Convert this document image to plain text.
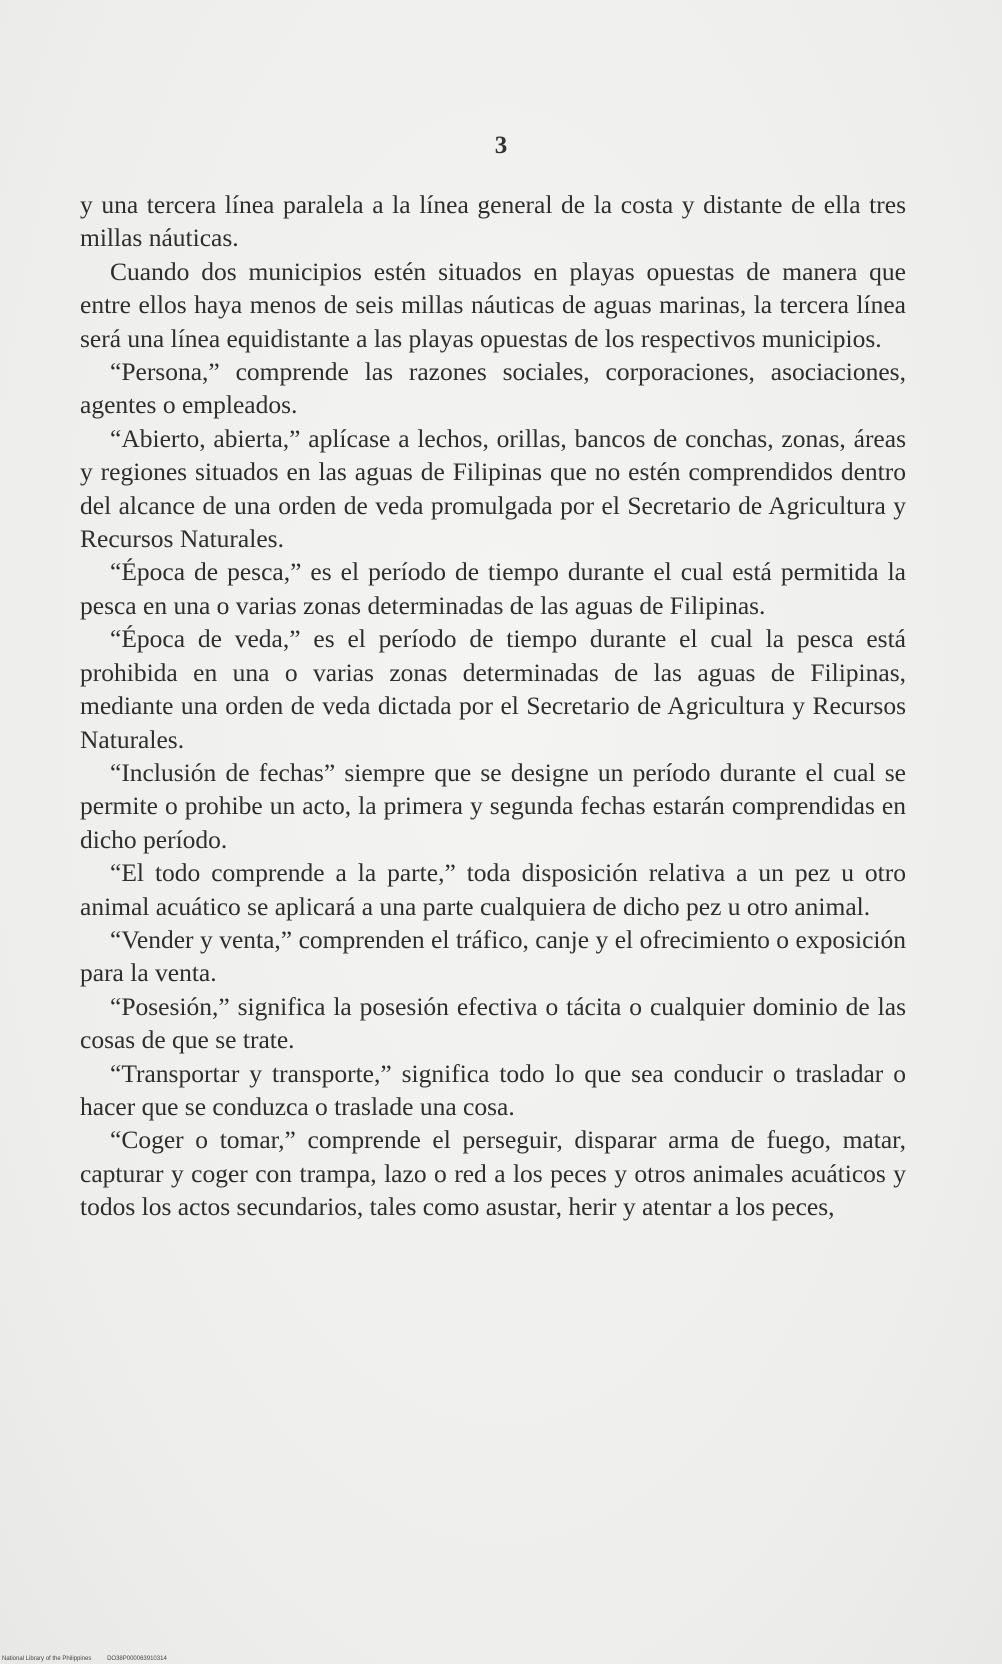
3

y una tercera línea paralela a la línea general de la costa y distante de ella tres millas náuticas.

Cuando dos municipios estén situados en playas opuestas de manera que entre ellos haya menos de seis millas náuticas de aguas marinas, la tercera línea será una línea equidistante a las playas opuestas de los respectivos municipios.

“Persona,” comprende las razones sociales, corporaciones, asociaciones, agentes o empleados.

“Abierto, abierta,” aplícase a lechos, orillas, bancos de conchas, zonas, áreas y regiones situados en las aguas de Filipinas que no estén comprendidos dentro del alcance de una orden de veda promulgada por el Secretario de Agricultura y Recursos Naturales.

“Época de pesca,” es el período de tiempo durante el cual está permitida la pesca en una o varias zonas determinadas de las aguas de Filipinas.

“Época de veda,” es el período de tiempo durante el cual la pesca está prohibida en una o varias zonas determinadas de las aguas de Filipinas, mediante una orden de veda dictada por el Secretario de Agricultura y Recursos Naturales.

“Inclusión de fechas” siempre que se designe un período durante el cual se permite o prohibe un acto, la primera y segunda fechas estarán comprendidas en dicho período.

“El todo comprende a la parte,” toda disposición relativa a un pez u otro animal acuático se aplicará a una parte cualquiera de dicho pez u otro animal.

“Vender y venta,” comprenden el tráfico, canje y el ofrecimiento o exposición para la venta.

“Posesión,” significa la posesión efectiva o tácita o cualquier dominio de las cosas de que se trate.

“Transportar y transporte,” significa todo lo que sea conducir o trasladar o hacer que se conduzca o traslade una cosa.

“Coger o tomar,” comprende el perseguir, disparar arma de fuego, matar, capturar y coger con trampa, lazo o red a los peces y otros animales acuáticos y todos los actos secundarios, tales como asustar, herir y atentar a los peces,

National Library of the Philippines	DO38P000063910314
